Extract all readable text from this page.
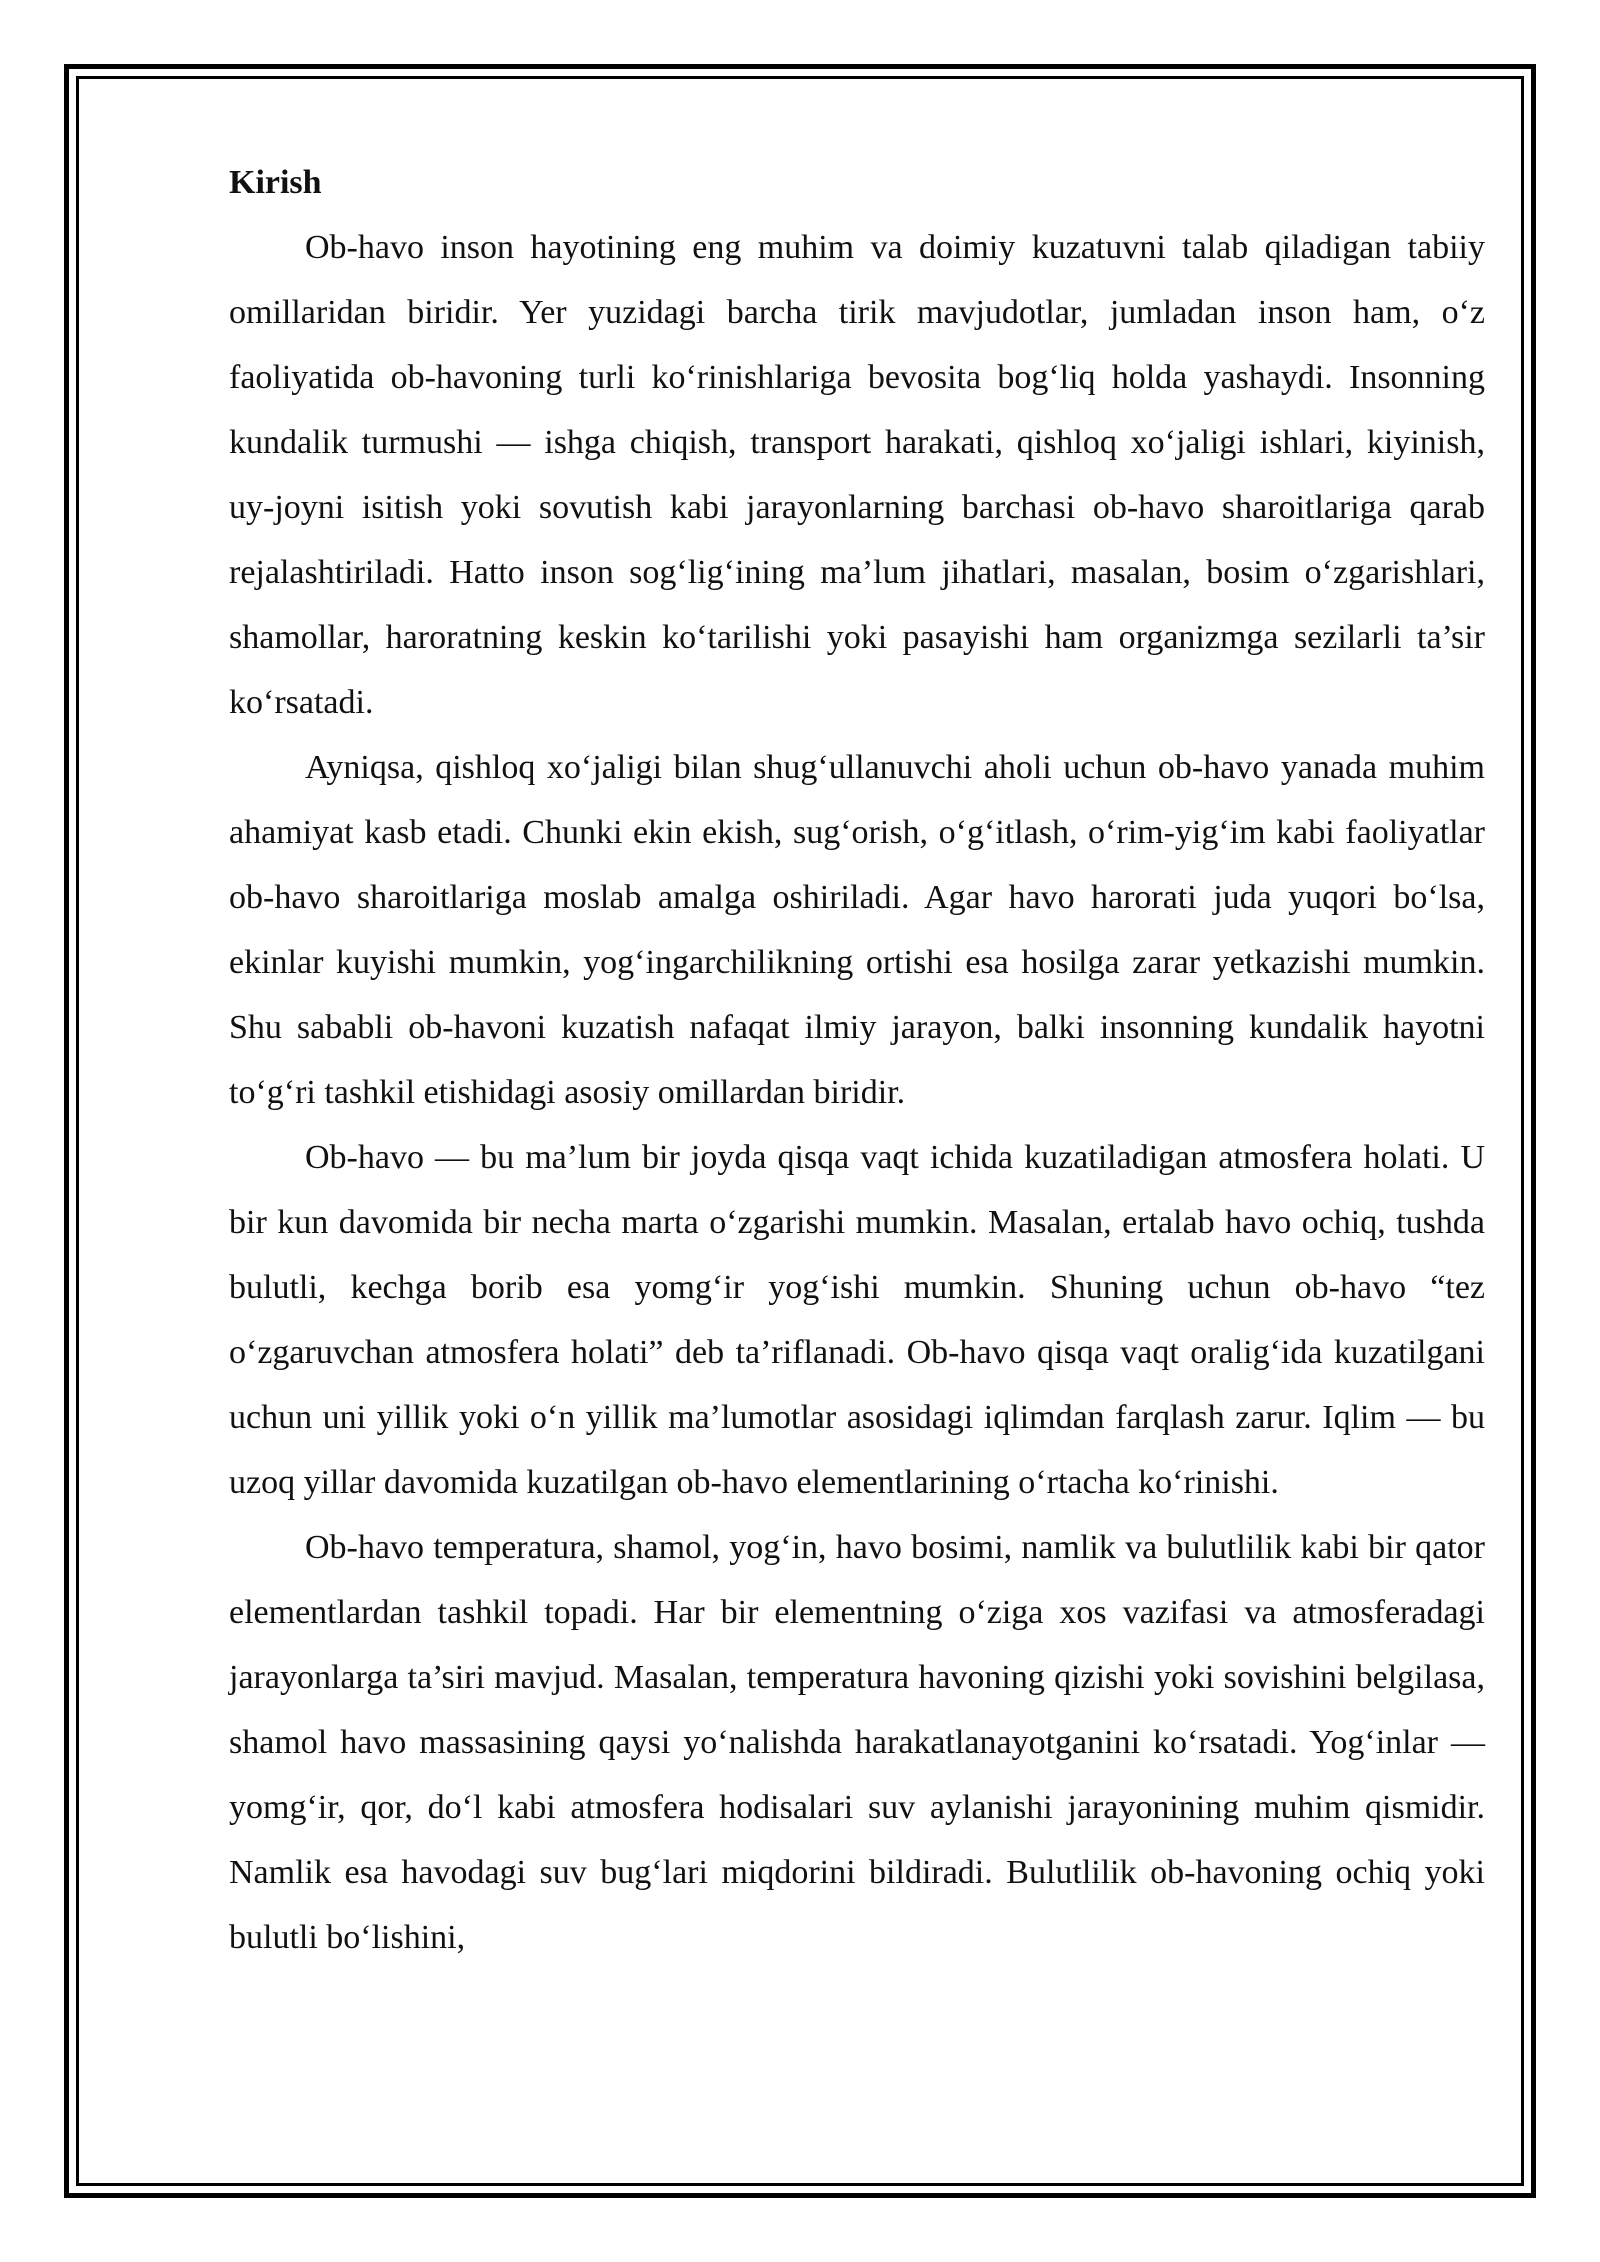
Kirish

Ob-havo inson hayotining eng muhim va doimiy kuzatuvni talab qiladigan tabiiy omillaridan biridir. Yer yuzidagi barcha tirik mavjudotlar, jumladan inson ham, o‘z faoliyatida ob-havoning turli ko‘rinishlariga bevosita bog‘liq holda yashaydi. Insonning kundalik turmushi — ishga chiqish, transport harakati, qishloq xo‘jaligi ishlari, kiyinish, uy-joyni isitish yoki sovutish kabi jarayonlarning barchasi ob-havo sharoitlariga qarab rejalashtiriladi. Hatto inson sog‘lig‘ining ma’lum jihatlari, masalan, bosim o‘zgarishlari, shamollar, haroratning keskin ko‘tarilishi yoki pasayishi ham organizmga sezilarli ta’sir ko‘rsatadi.

Ayniqsa, qishloq xo‘jaligi bilan shug‘ullanuvchi aholi uchun ob-havo yanada muhim ahamiyat kasb etadi. Chunki ekin ekish, sug‘orish, o‘g‘itlash, o‘rim-yig‘im kabi faoliyatlar ob-havo sharoitlariga moslab amalga oshiriladi. Agar havo harorati juda yuqori bo‘lsa, ekinlar kuyishi mumkin, yog‘ingarchilikning ortishi esa hosilga zarar yetkazishi mumkin. Shu sababli ob-havoni kuzatish nafaqat ilmiy jarayon, balki insonning kundalik hayotni to‘g‘ri tashkil etishidagi asosiy omillardan biridir.

Ob-havo — bu ma’lum bir joyda qisqa vaqt ichida kuzatiladigan atmosfera holati. U bir kun davomida bir necha marta o‘zgarishi mumkin. Masalan, ertalab havo ochiq, tushda bulutli, kechga borib esa yomg‘ir yog‘ishi mumkin. Shuning uchun ob-havo “tez o‘zgaruvchan atmosfera holati” deb ta’riflanadi. Ob-havo qisqa vaqt oralig‘ida kuzatilgani uchun uni yillik yoki o‘n yillik ma’lumotlar asosidagi iqlimdan farqlash zarur. Iqlim — bu uzoq yillar davomida kuzatilgan ob-havo elementlarining o‘rtacha ko‘rinishi.

Ob-havo temperatura, shamol, yog‘in, havo bosimi, namlik va bulutlilik kabi bir qator elementlardan tashkil topadi. Har bir elementning o‘ziga xos vazifasi va atmosferadagi jarayonlarga ta’siri mavjud. Masalan, temperatura havoning qizishi yoki sovishini belgilasa, shamol havo massasining qaysi yo‘nalishda harakatlanayotganini ko‘rsatadi. Yog‘inlar — yomg‘ir, qor, do‘l kabi atmosfera hodisalari suv aylanishi jarayonining muhim qismidir. Namlik esa havodagi suv bug‘lari miqdorini bildiradi. Bulutlilik ob-havoning ochiq yoki bulutli bo‘lishini,
